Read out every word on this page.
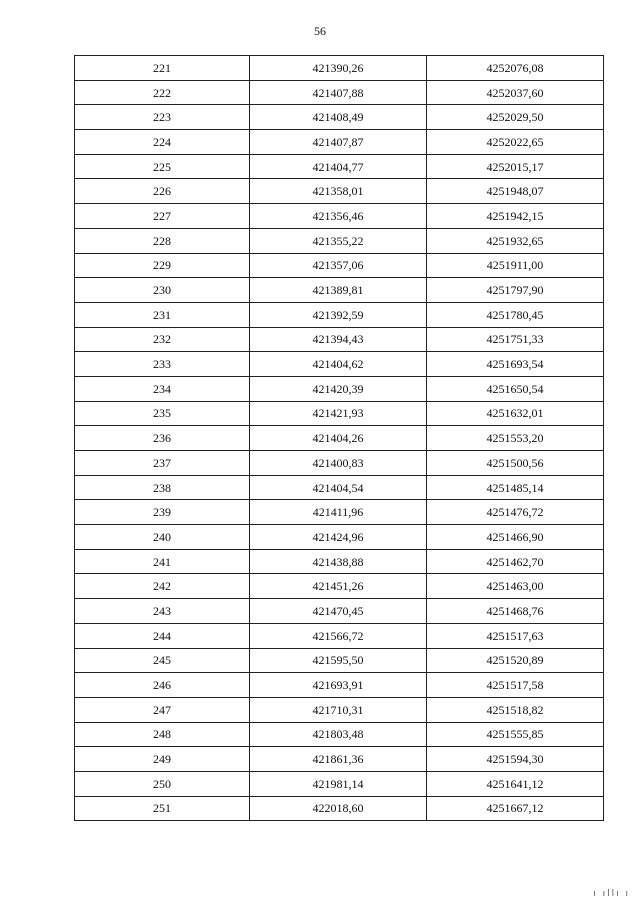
56
221	421390,26	4252076,08
222	421407,88	4252037,60
223	421408,49	4252029,50
224	421407,87	4252022,65
225	421404,77	4252015,17
226	421358,01	4251948,07
227	421356,46	4251942,15
228	421355,22	4251932,65
229	421357,06	4251911,00
230	421389,81	4251797,90
231	421392,59	4251780,45
232	421394,43	4251751,33
233	421404,62	4251693,54
234	421420,39	4251650,54
235	421421,93	4251632,01
236	421404,26	4251553,20
237	421400,83	4251500,56
238	421404,54	4251485,14
239	421411,96	4251476,72
240	421424,96	4251466,90
241	421438,88	4251462,70
242	421451,26	4251463,00
243	421470,45	4251468,76
244	421566,72	4251517,63
245	421595,50	4251520,89
246	421693,91	4251517,58
247	421710,31	4251518,82
248	421803,48	4251555,85
249	421861,36	4251594,30
250	421981,14	4251641,12
251	422018,60	4251667,12
ı ıllı ı
